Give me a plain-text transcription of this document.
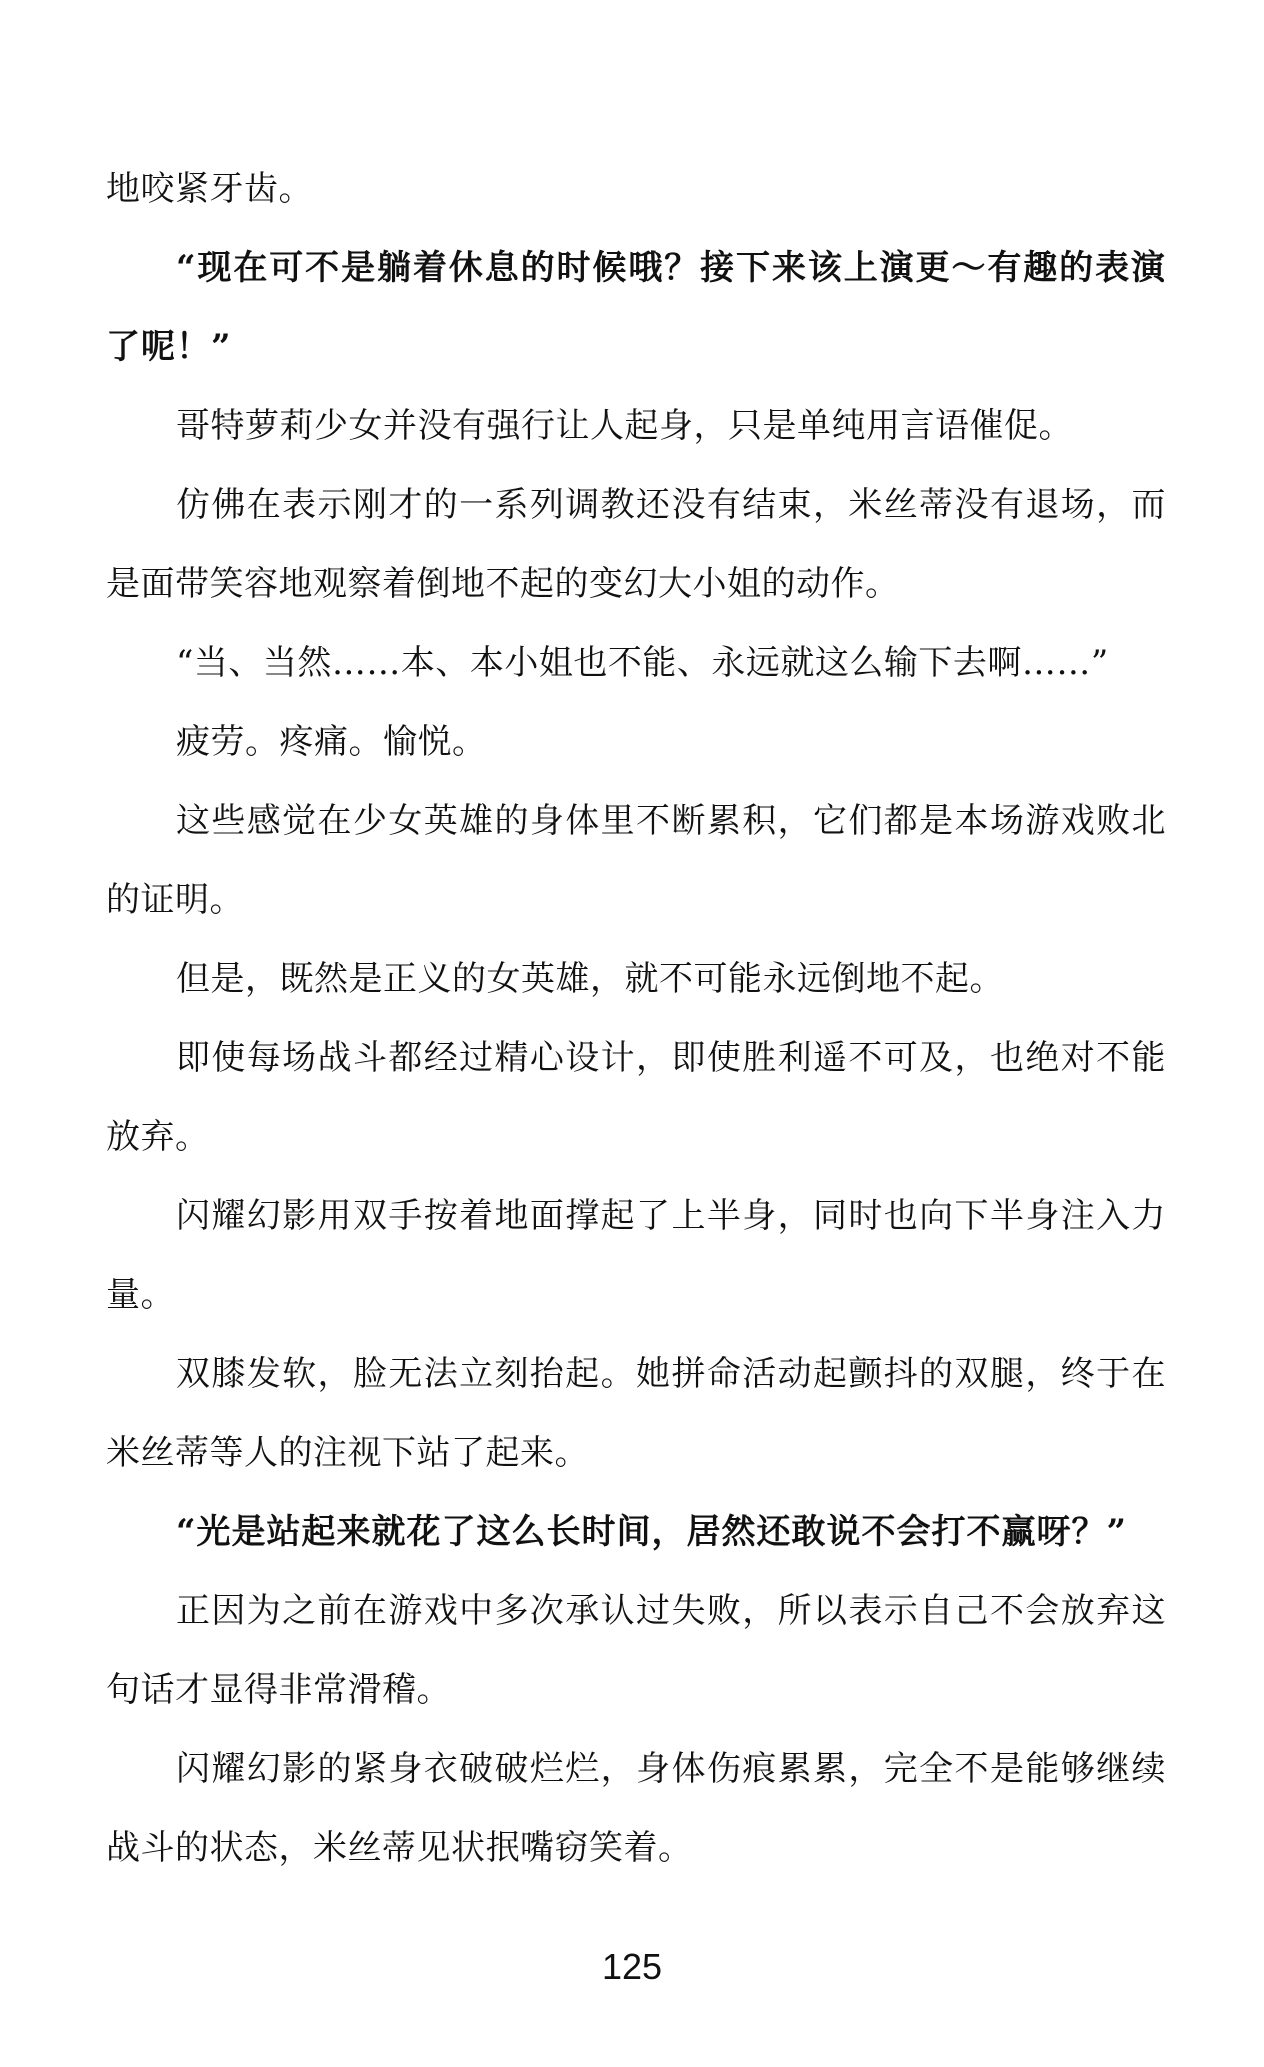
地咬紧牙齿。

“现在可不是躺着休息的时候哦？接下来该上演更～有趣的表演了呢！”

哥特萝莉少女并没有强行让人起身，只是单纯用言语催促。

仿佛在表示刚才的一系列调教还没有结束，米丝蒂没有退场，而是面带笑容地观察着倒地不起的变幻大小姐的动作。

“当、当然……本、本小姐也不能、永远就这么输下去啊……”

疲劳。疼痛。愉悦。

这些感觉在少女英雄的身体里不断累积，它们都是本场游戏败北的证明。

但是，既然是正义的女英雄，就不可能永远倒地不起。

即使每场战斗都经过精心设计，即使胜利遥不可及，也绝对不能放弃。

闪耀幻影用双手按着地面撑起了上半身，同时也向下半身注入力量。

双膝发软，脸无法立刻抬起。她拼命活动起颤抖的双腿，终于在米丝蒂等人的注视下站了起来。

“光是站起来就花了这么长时间，居然还敢说不会打不赢呀？”

正因为之前在游戏中多次承认过失败，所以表示自己不会放弃这句话才显得非常滑稽。

闪耀幻影的紧身衣破破烂烂，身体伤痕累累，完全不是能够继续战斗的状态，米丝蒂见状抿嘴窃笑着。

125
